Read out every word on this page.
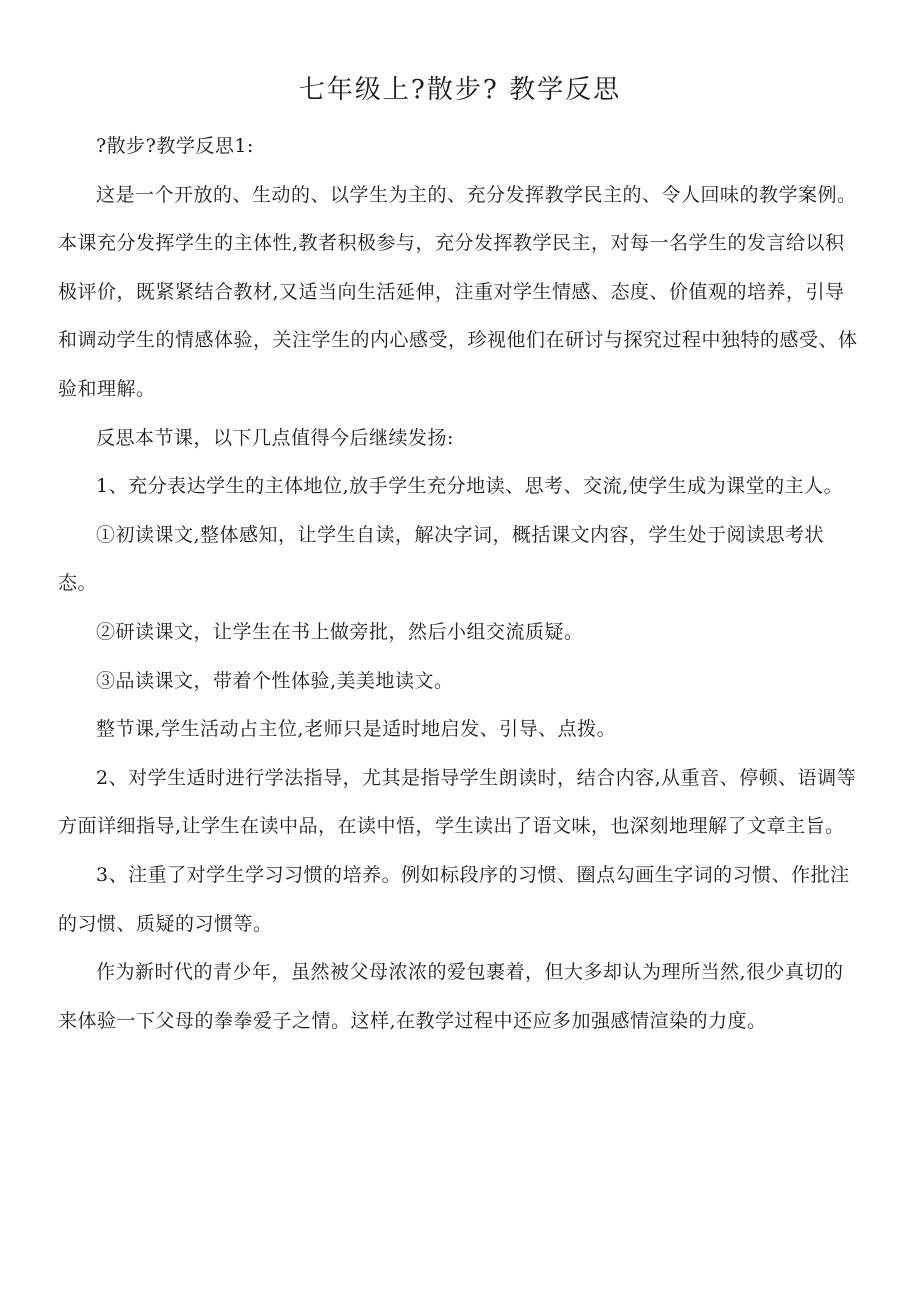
七年级上?散步? 教学反思

?散步?教学反思1:

这是一个开放的、生动的、以学生为主的、充分发挥教学民主的、令人回味的教学案例。本课充分发挥学生的主体性,教者积极参与，充分发挥教学民主，对每一名学生的发言给以积极评价，既紧紧结合教材,又适当向生活延伸，注重对学生情感、态度、价值观的培养，引导和调动学生的情感体验，关注学生的内心感受，珍视他们在研讨与探究过程中独特的感受、体验和理解。

反思本节课，以下几点值得今后继续发扬:

1、充分表达学生的主体地位,放手学生充分地读、思考、交流,使学生成为课堂的主人。

①初读课文,整体感知，让学生自读，解决字词，概括课文内容，学生处于阅读思考状态。

②研读课文，让学生在书上做旁批，然后小组交流质疑。

③品读课文，带着个性体验,美美地读文。

整节课,学生活动占主位,老师只是适时地启发、引导、点拨。

2、对学生适时进行学法指导，尤其是指导学生朗读时，结合内容,从重音、停顿、语调等方面详细指导,让学生在读中品，在读中悟，学生读出了语文味，也深刻地理解了文章主旨。

3、注重了对学生学习习惯的培养。例如标段序的习惯、圈点勾画生字词的习惯、作批注的习惯、质疑的习惯等。

作为新时代的青少年，虽然被父母浓浓的爱包裹着，但大多却认为理所当然,很少真切的来体验一下父母的拳拳爱子之情。这样,在教学过程中还应多加强感情渲染的力度。
